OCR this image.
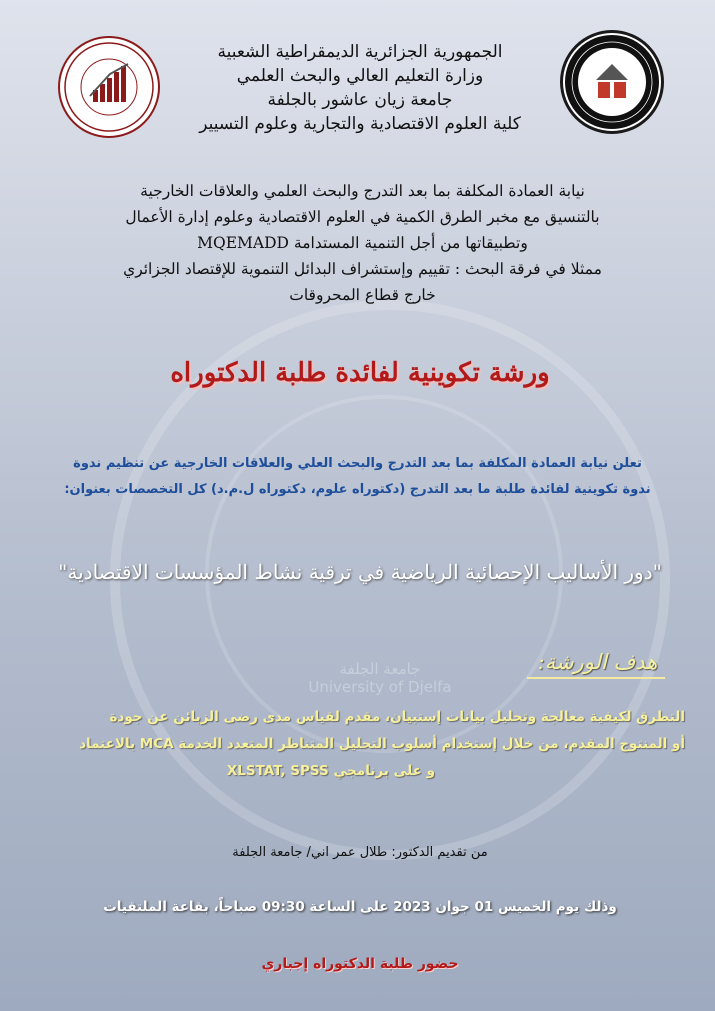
جامعة الجلفة
University of Djelfa
الجمهورية الجزائرية الديمقراطية الشعبية
وزارة التعليم العالي والبحث العلمي
جامعة زيان عاشور بالجلفة
كلية العلوم الاقتصادية والتجارية وعلوم التسيير
نيابة العمادة المكلفة بما بعد التدرج والبحث العلمي والعلاقات الخارجية
بالتنسيق مع مخبر الطرق الكمية في العلوم الاقتصادية وعلوم إدارة الأعمال
وتطبيقاتها من أجل التنمية المستدامة MQEMADD
ممثلا في فرقة البحث : تقييم وإستشراف البدائل التنموية للإقتصاد الجزائري
خارج قطاع المحروقات
ورشة تكوينية لفائدة طلبة الدكتوراه
تعلن نيابة العمادة المكلفة بما بعد التدرج والبحث العلي والعلاقات الخارجية عن تنظيم ندوة
ندوة تكوينية لفائدة طلبة ما بعد التدرج (دكتوراه علوم، دكتوراه ل.م.د) كل التخصصات بعنوان:
"دور الأساليب الإحصائية الرياضية في ترقية نشاط المؤسسات الاقتصادية"
هدف الورشة:
التطرق لكيفية معالجة وتحليل بيانات إستبيان، مقدم لقياس مدى رضى الزبائن عن جودة
أو المنتوج المقدم، من خلال إستخدام أسلوب التحليل المتناظر المتعدد الخدمة MCA بالاعتماد
و على برنامجي XLSTAT, SPSS
من تقديم الدكتور: طلال عمر اني/ جامعة الجلفة
وذلك يوم الخميس 01 جوان 2023 على الساعة 09:30 صباحاً، بقاعة الملتقيات
حضور طلبة الدكتوراه إجباري
